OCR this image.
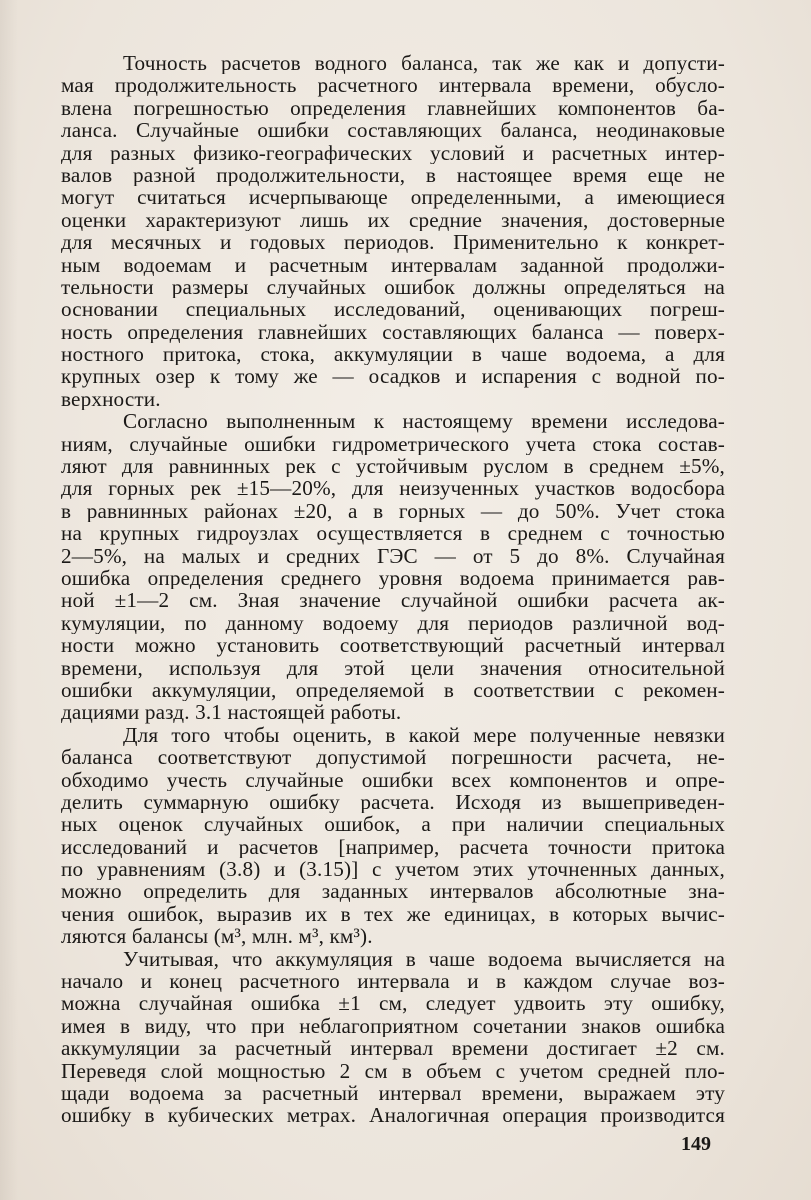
Точность расчетов водного баланса, так же как и допусти-
мая продолжительность расчетного интервала времени, обусло-
влена погрешностью определения главнейших компонентов ба-
ланса. Случайные ошибки составляющих баланса, неодинаковые
для разных физико-географических условий и расчетных интер-
валов разной продолжительности, в настоящее время еще не
могут считаться исчерпывающе определенными, а имеющиеся
оценки характеризуют лишь их средние значения, достоверные
для месячных и годовых периодов. Применительно к конкрет-
ным водоемам и расчетным интервалам заданной продолжи-
тельности размеры случайных ошибок должны определяться на
основании специальных исследований, оценивающих погреш-
ность определения главнейших составляющих баланса — поверх-
ностного притока, стока, аккумуляции в чаше водоема, а для
крупных озер к тому же — осадков и испарения с водной по-
верхности.
Согласно выполненным к настоящему времени исследова-
ниям, случайные ошибки гидрометрического учета стока состав-
ляют для равнинных рек с устойчивым руслом в среднем ±5%,
для горных рек ±15—20%, для неизученных участков водосбора
в равнинных районах ±20, а в горных — до 50%. Учет стока
на крупных гидроузлах осуществляется в среднем с точностью
2—5%, на малых и средних ГЭС — от 5 до 8%. Случайная
ошибка определения среднего уровня водоема принимается рав-
ной ±1—2 см. Зная значение случайной ошибки расчета ак-
кумуляции, по данному водоему для периодов различной вод-
ности можно установить соответствующий расчетный интервал
времени, используя для этой цели значения относительной
ошибки аккумуляции, определяемой в соответствии с рекомен-
дациями разд. 3.1 настоящей работы.
Для того чтобы оценить, в какой мере полученные невязки
баланса соответствуют допустимой погрешности расчета, не-
обходимо учесть случайные ошибки всех компонентов и опре-
делить суммарную ошибку расчета. Исходя из вышеприведен-
ных оценок случайных ошибок, а при наличии специальных
исследований и расчетов [например, расчета точности притока
по уравнениям (3.8) и (3.15)] с учетом этих уточненных данных,
можно определить для заданных интервалов абсолютные зна-
чения ошибок, выразив их в тех же единицах, в которых вычис-
ляются балансы (м³, млн. м³, км³).
Учитывая, что аккумуляция в чаше водоема вычисляется на
начало и конец расчетного интервала и в каждом случае воз-
можна случайная ошибка ±1 см, следует удвоить эту ошибку,
имея в виду, что при неблагоприятном сочетании знаков ошибка
аккумуляции за расчетный интервал времени достигает ±2 см.
Переведя слой мощностью 2 см в объем с учетом средней пло-
щади водоема за расчетный интервал времени, выражаем эту
ошибку в кубических метрах. Аналогичная операция производится
149
